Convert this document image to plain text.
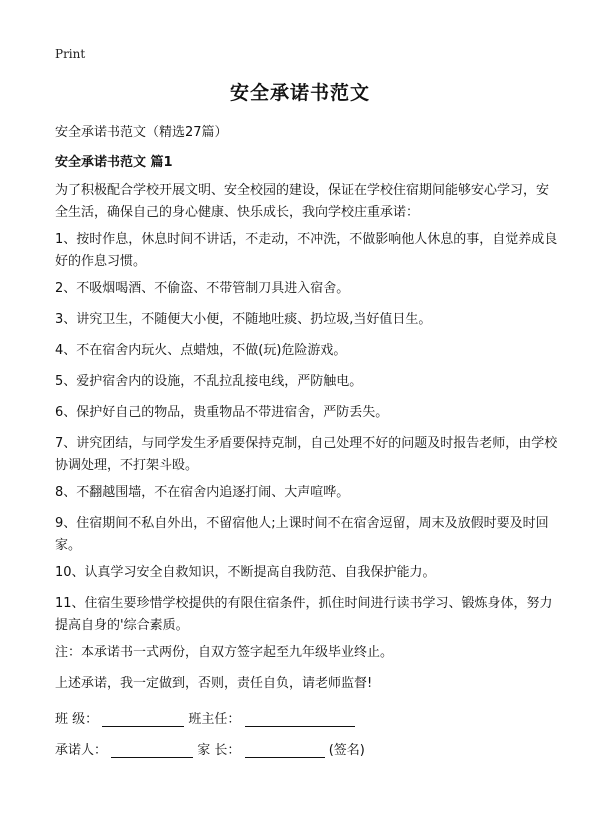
Print
安全承诺书范文
安全承诺书范文（精选27篇）
安全承诺书范文 篇1

为了积极配合学校开展文明、安全校园的建设，保证在学校住宿期间能够安心学习，安全生活，确保自己的身心健康、快乐成长，我向学校庄重承诺：

1、按时作息，休息时间不讲话，不走动，不冲洗，不做影响他人休息的事，自觉养成良好的作息习惯。

2、不吸烟喝酒、不偷盗、不带管制刀具进入宿舍。

3、讲究卫生，不随便大小便，不随地吐痰、扔垃圾,当好值日生。

4、不在宿舍内玩火、点蜡烛，不做(玩)危险游戏。

5、爱护宿舍内的设施，不乱拉乱接电线，严防触电。

6、保护好自己的物品，贵重物品不带进宿舍，严防丢失。

7、讲究团结，与同学发生矛盾要保持克制，自己处理不好的问题及时报告老师，由学校协调处理，不打架斗殴。

8、不翻越围墙，不在宿舍内追逐打闹、大声喧哗。

9、住宿期间不私自外出，不留宿他人;上课时间不在宿舍逗留，周末及放假时要及时回家。

10、认真学习安全自救知识，不断提高自我防范、自我保护能力。

11、住宿生要珍惜学校提供的有限住宿条件，抓住时间进行读书学习、锻炼身体，努力提高自身的'综合素质。

注：本承诺书一式两份，自双方签字起至九年级毕业终止。

上述承诺，我一定做到，否则，责任自负，请老师监督!

班 级：	班主任：
承诺人：	家 长：	(签名)
